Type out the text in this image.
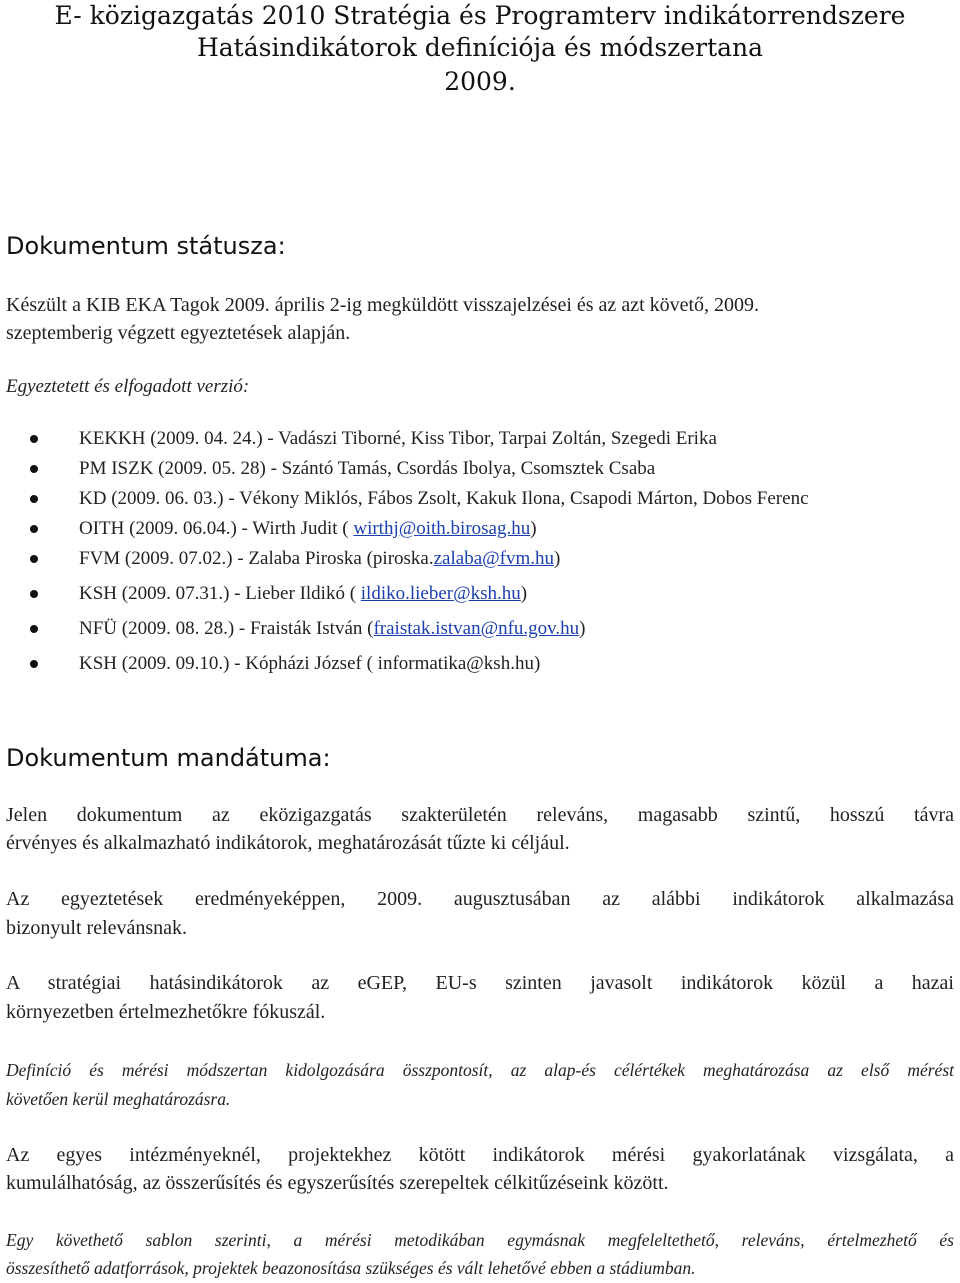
E- közigazgatás 2010 Stratégia és Programterv indikátorrendszere
Hatásindikátorok definíciója és módszertana
2009.
Dokumentum státusza:
Készült a KIB EKA Tagok 2009. április 2-ig megküldött visszajelzései és az azt követő, 2009.
szeptemberig végzett egyeztetések alapján.
Egyeztetett és elfogadott verzió:
KEKKH (2009. 04. 24.) - Vadászi Tiborné, Kiss Tibor, Tarpai Zoltán, Szegedi Erika
PM ISZK (2009. 05. 28) - Szántó Tamás, Csordás Ibolya, Csomsztek Csaba
KD (2009. 06. 03.) - Vékony Miklós, Fábos Zsolt, Kakuk Ilona, Csapodi Márton, Dobos Ferenc
OITH (2009. 06.04.) - Wirth Judit ( wirthj@oith.birosag.hu)
FVM (2009. 07.02.) - Zalaba Piroska (piroska.zalaba@fvm.hu)
KSH (2009. 07.31.) - Lieber Ildikó ( ildiko.lieber@ksh.hu)
NFÜ (2009. 08. 28.) - Fraisták István (fraistak.istvan@nfu.gov.hu)
KSH (2009. 09.10.) - Kópházi József ( informatika@ksh.hu)
Dokumentum mandátuma:
Jelen dokumentum az eközigazgatás szakterületén releváns, magasabb szintű, hosszú távra
érvényes és alkalmazható indikátorok, meghatározását tűzte ki céljául.
Az egyeztetések eredményeképpen, 2009. augusztusában az alábbi indikátorok alkalmazása
bizonyult relevánsnak.
A stratégiai hatásindikátorok az eGEP, EU-s szinten javasolt indikátorok közül a hazai
környezetben értelmezhetőkre fókuszál.
Definíció és mérési módszertan kidolgozására összpontosít, az alap-és célértékek meghatározása az első mérést
követően kerül meghatározásra.
Az egyes intézményeknél, projektekhez kötött indikátorok mérési gyakorlatának vizsgálata, a
kumulálhatóság, az összerűsítés és egyszerűsítés szerepeltek célkitűzéseink között.
Egy követhető sablon szerinti, a mérési metodikában egymásnak megfeleltethető, releváns, értelmezhető és
összesíthető adatforrások, projektek beazonosítása szükséges és vált lehetővé ebben a stádiumban.
